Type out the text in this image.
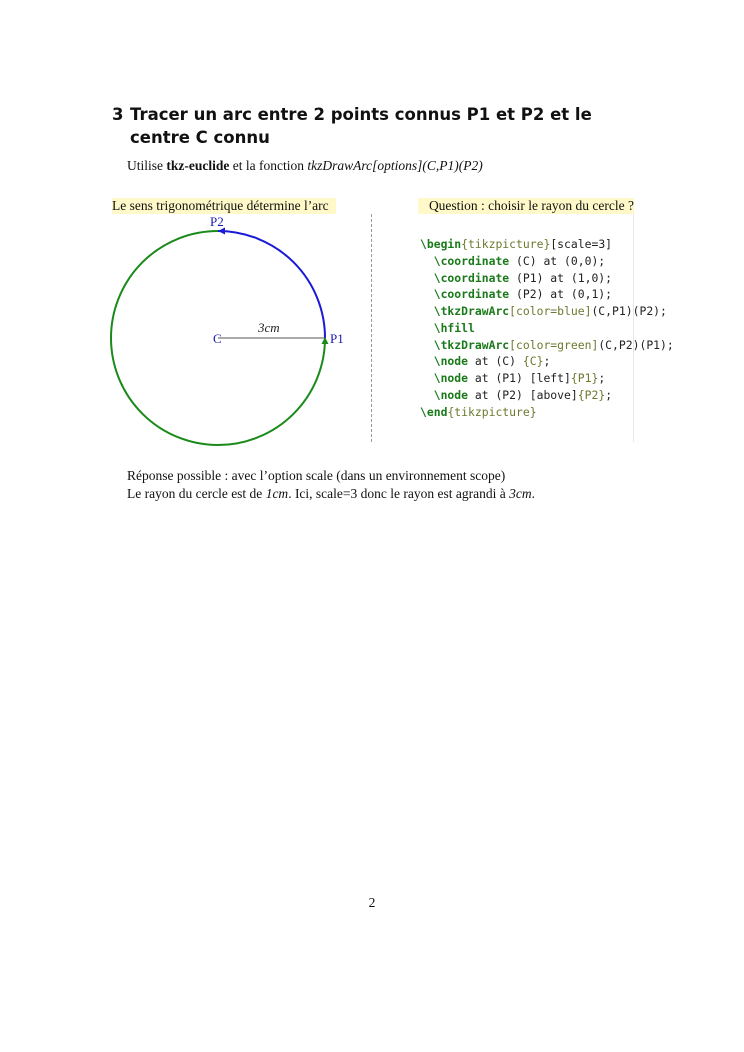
3 Tracer un arc entre 2 points connus P1 et P2 et le centre C connu
Utilise tkz-euclide et la fonction tkzDrawArc[options](C,P1)(P2)
Le sens trigonométrique détermine l’arc	Question : choisir le rayon du cercle ?
C	P1
P2
3cm
\begin{tikzpicture}[scale=3]
\coordinate (C) at (0,0);
\coordinate (P1) at (1,0);
\coordinate (P2) at (0,1);
\tkzDrawArc[color=blue](C,P1)(P2);
\hfill
\tkzDrawArc[color=green](C,P2)(P1);
\node at (C) {C};
\node at (P1) [left]{P1};
\node at (P2) [above]{P2};
\end{tikzpicture}
Réponse possible : avec l’option scale (dans un environnement scope)
Le rayon du cercle est de 1cm. Ici, scale=3 donc le rayon est agrandi à 3cm.
2
